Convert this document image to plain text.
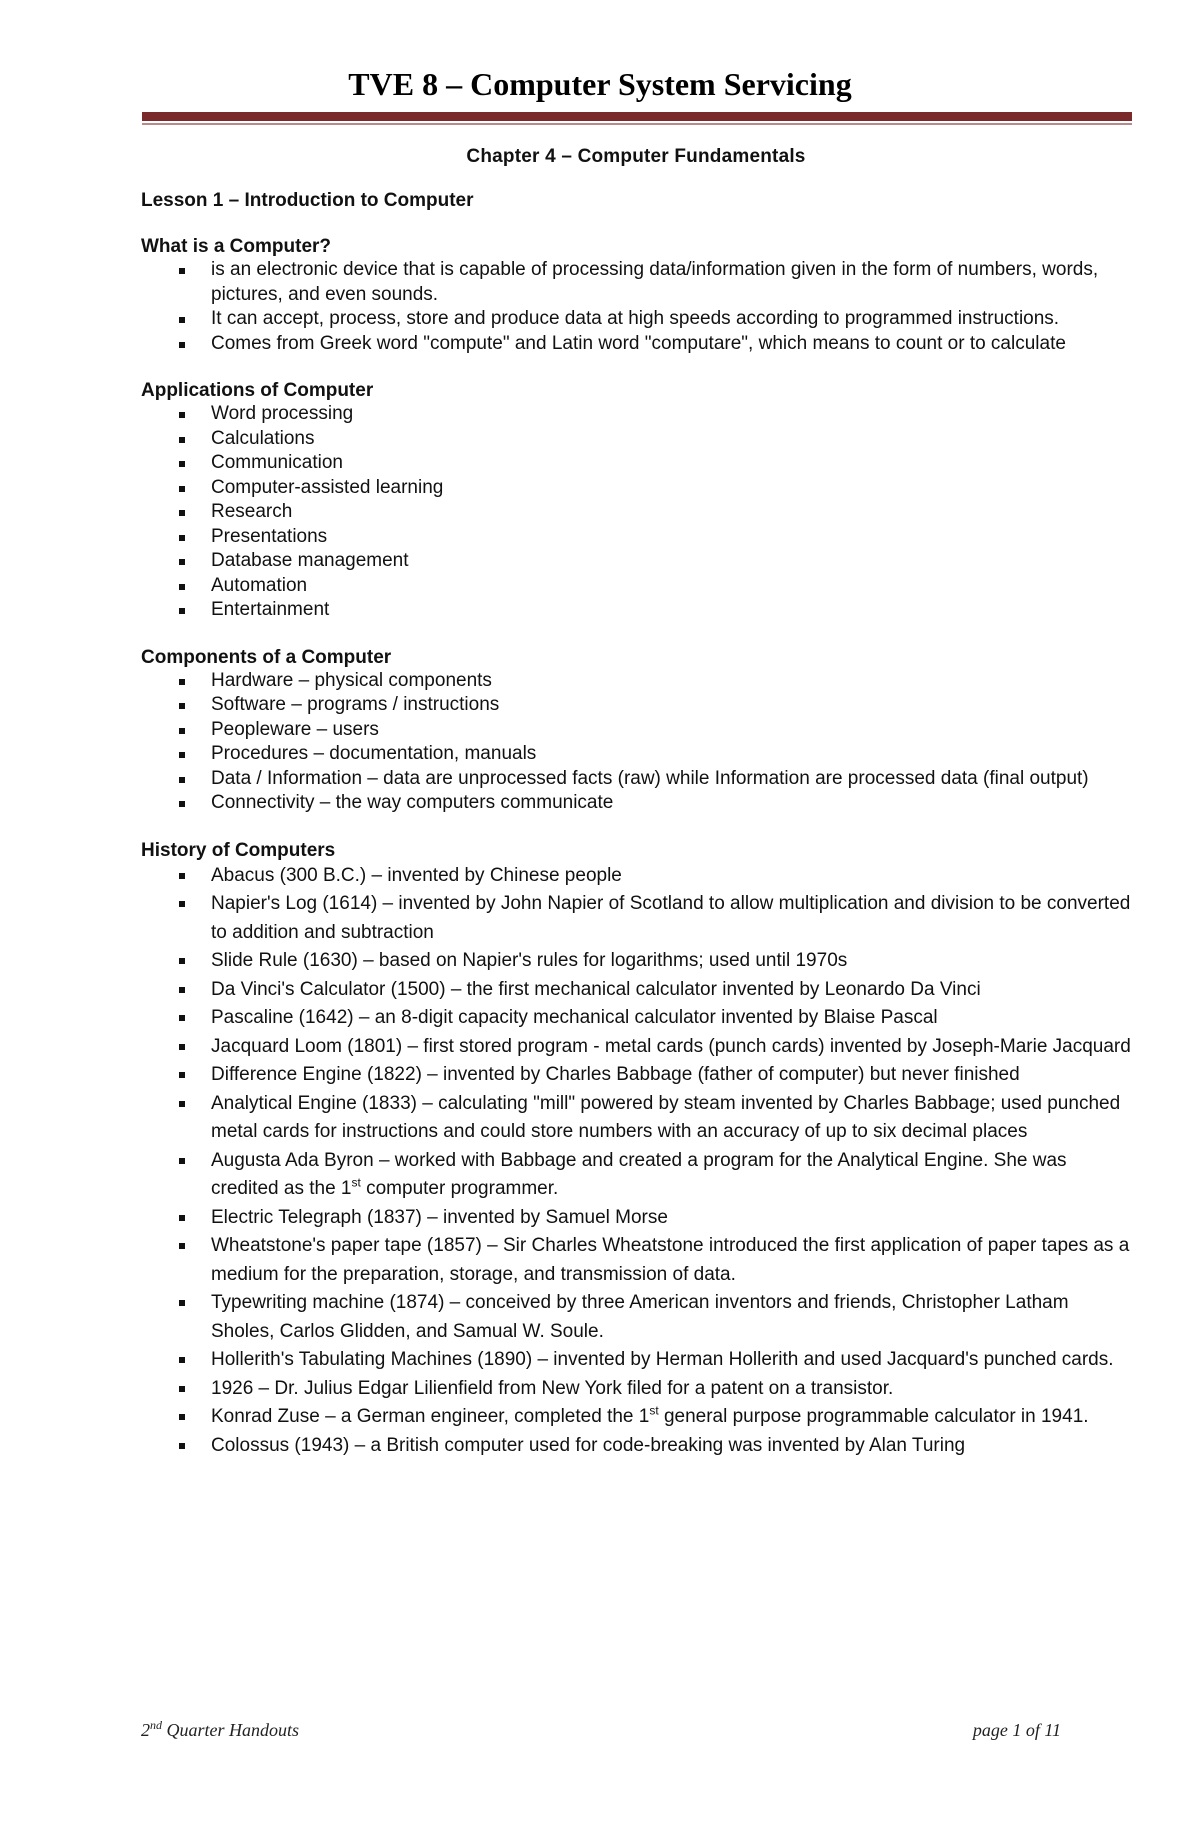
TVE 8 – Computer System Servicing
Chapter 4 – Computer Fundamentals
Lesson 1 – Introduction to Computer
What is a Computer?
is an electronic device that is capable of processing data/information given in the form of numbers, words, pictures, and even sounds.
It can accept, process, store and produce data at high speeds according to programmed instructions.
Comes from Greek word "compute" and Latin word "computare", which means to count or to calculate
Applications of Computer
Word processing
Calculations
Communication
Computer-assisted learning
Research
Presentations
Database management
Automation
Entertainment
Components of a Computer
Hardware – physical components
Software – programs / instructions
Peopleware – users
Procedures – documentation, manuals
Data / Information – data are unprocessed facts (raw) while Information are processed data (final output)
Connectivity – the way computers communicate
History of Computers
Abacus (300 B.C.) – invented by Chinese people
Napier's Log (1614) – invented by John Napier of Scotland to allow multiplication and division to be converted to addition and subtraction
Slide Rule (1630) – based on Napier's rules for logarithms; used until 1970s
Da Vinci's Calculator (1500) – the first mechanical calculator invented by Leonardo Da Vinci
Pascaline (1642) – an 8-digit capacity mechanical calculator invented by Blaise Pascal
Jacquard Loom (1801) – first stored program - metal cards (punch cards) invented by Joseph-Marie Jacquard
Difference Engine (1822) – invented by Charles Babbage (father of computer) but never finished
Analytical Engine (1833) – calculating "mill" powered by steam invented by Charles Babbage; used punched metal cards for instructions and could store numbers with an accuracy of up to six decimal places
Augusta Ada Byron – worked with Babbage and created a program for the Analytical Engine. She was credited as the 1st computer programmer.
Electric Telegraph (1837) – invented by Samuel Morse
Wheatstone's paper tape (1857) – Sir Charles Wheatstone introduced the first application of paper tapes as a medium for the preparation, storage, and transmission of data.
Typewriting machine (1874) – conceived by three American inventors and friends, Christopher Latham Sholes, Carlos Glidden, and Samual W. Soule.
Hollerith's Tabulating Machines (1890) – invented by Herman Hollerith and used Jacquard's punched cards.
1926 – Dr. Julius Edgar Lilienfield from New York filed for a patent on a transistor.
Konrad Zuse – a German engineer, completed the 1st general purpose programmable calculator in 1941.
Colossus (1943) – a British computer used for code-breaking was invented by Alan Turing
2nd Quarter Handouts	page 1 of 11
